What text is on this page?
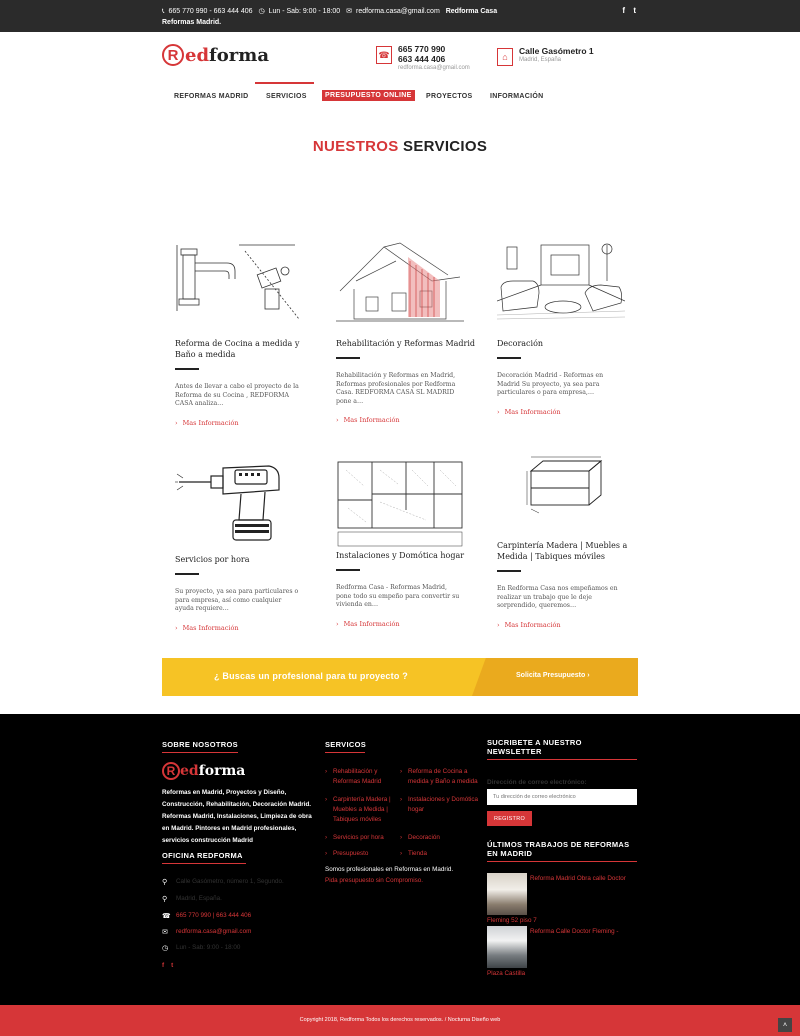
📞︎ 665 770 990 - 663 444 406 ◷ Lun - Sab: 9:00 - 18:00 ✉ redforma.casa@gmail.com Redforma Casa Reformas Madrid.
f t
R ed forma	☎
665 770 990
663 444 406
redforma.casa@gmail.com
⌂
Calle Gasómetro 1
Madrid, España
REFORMAS MADRID	SERVICIOS	PRESUPUESTO ONLINE	PROYECTOS INFORMACIÓN
NUESTROS SERVICIOS
Reforma de Cocina a medida y Baño a medida

Antes de llevar a cabo el proyecto de la Reforma de su Cocina , REDFORMA CASA analiza…

› Mas Información
Rehabilitación y Reformas Madrid

Rehabilitación y Reformas en Madrid, Reformas profesionales por Redforma Casa. REDFORMA CASA SL MADRID pone a…

› Mas Información
Decoración

Decoración Madrid - Reformas en Madrid Su proyecto, ya sea para particulares o para empresa,…

› Mas Información
Servicios por hora

Su proyecto, ya sea para particulares o para empresa, así como cualquier ayuda requiere…

› Mas Información
Instalaciones y Domótica hogar

Redforma Casa - Reformas Madrid, pone todo su empeño para convertir su vivienda en…

› Mas Información
Carpintería Madera | Muebles a Medida | Tabiques móviles

En Redforma Casa nos empeñamos en realizar un trabajo que le deje sorprendido, queremos…

› Mas Información
¿ Buscas un profesional para tu proyecto ?	Solicita Presupuesto ›
SOBRE NOSOTROS
R ed forma
Reformas en Madrid, Proyectos y Diseño, Construcción, Rehabilitación, Decoración Madrid. Reformas Madrid, Instalaciones, Limpieza de obra en Madrid. Pintores en Madrid profesionales, servicios construcción Madrid
OFICINA REDFORMA
⚲	Calle Gasómetro, número 1, Segundo.
⚲	Madrid, España.
☎ 665 770 990 | 663 444 406
✉	redforma.casa@gmail.com
◷	Lun - Sab: 9:00 - 18:00
f t
SERVICOS
› Rehabilitación y Reformas Madrid
› Reforma de Cocina a medida y Baño a medida
› Carpintería Madera | Muebles a Medida | Tabiques móviles
› Instalaciones y Domótica hogar
› Servicios por hora	› Decoración
› Presupuesto	› Tienda
Somos profesionales en Reformas en Madrid.
Pida presupuesto sin Compromiso.
SUCRIBETE A NUESTRO NEWSLETTER
Dirección de correo electrónico:
Tu dirección de correo electrónico
REGISTRO
ÚLTIMOS TRABAJOS DE REFORMAS EN MADRID
Reforma Madrid Obra calle Doctor
Fleming 52 piso 7
Reforma Calle Doctor Fleming -
Plaza Castilla
Copyright 2018, Redforma Todos los derechos reservados. / Nocturna Diseño web
˄
